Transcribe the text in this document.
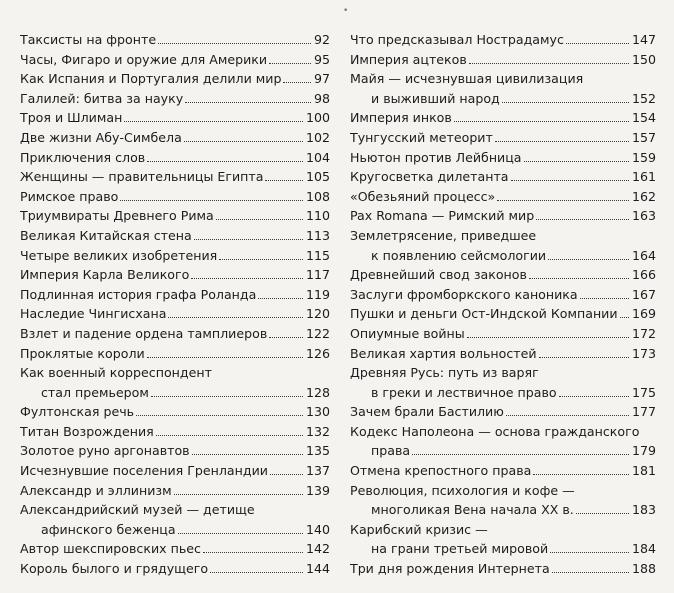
•
Таксисты на фронте	92
Часы, Фигаро и оружие для Америки	95
Как Испания и Португалия делили мир	97
Галилей: битва за науку	98
Троя и Шлиман	100
Две жизни Абу-Симбела	102
Приключения слов	104
Женщины — правительницы Египта	105
Римское право	108
Триумвираты Древнего Рима	110
Великая Китайская стена	113
Четыре великих изобретения	115
Империя Карла Великого	117
Подлинная история графа Роланда	119
Наследие Чингисхана	120
Взлет и падение ордена тамплиеров	122
Проклятые короли	126
Как военный корреспондент
стал премьером	128
Фултонская речь	130
Титан Возрождения	132
Золотое руно аргонавтов	135
Исчезнувшие поселения Гренландии	137
Александр и эллинизм	139
Александрийский музей — детище
афинского беженца	140
Автор шекспировских пьес	142
Король былого и грядущего	144
Что предсказывал Нострадамус	147
Империя ацтеков	150
Майя — исчезнувшая цивилизация
и выживший народ	152
Империя инков	154
Тунгусский метеорит	157
Ньютон против Лейбница	159
Кругосветка дилетанта	161
«Обезьяний процесс»	162
Pax Romana — Римский мир	163
Землетрясение, приведшее
к появлению сейсмологии	164
Древнейший свод законов	166
Заслуги фромборкского каноника	167
Пушки и деньги Ост-Индской Компании 169
Опиумные войны	172
Великая хартия вольностей	173
Древняя Русь: путь из варяг
в греки и лествичное право	175
Зачем брали Бастилию	177
Кодекс Наполеона — основа гражданского
права	179
Отмена крепостного права	181
Революция, психология и кофе —
многоликая Вена начала XX в.	183
Карибский кризис —
на грани третьей мировой	184
Три дня рождения Интернета	188
